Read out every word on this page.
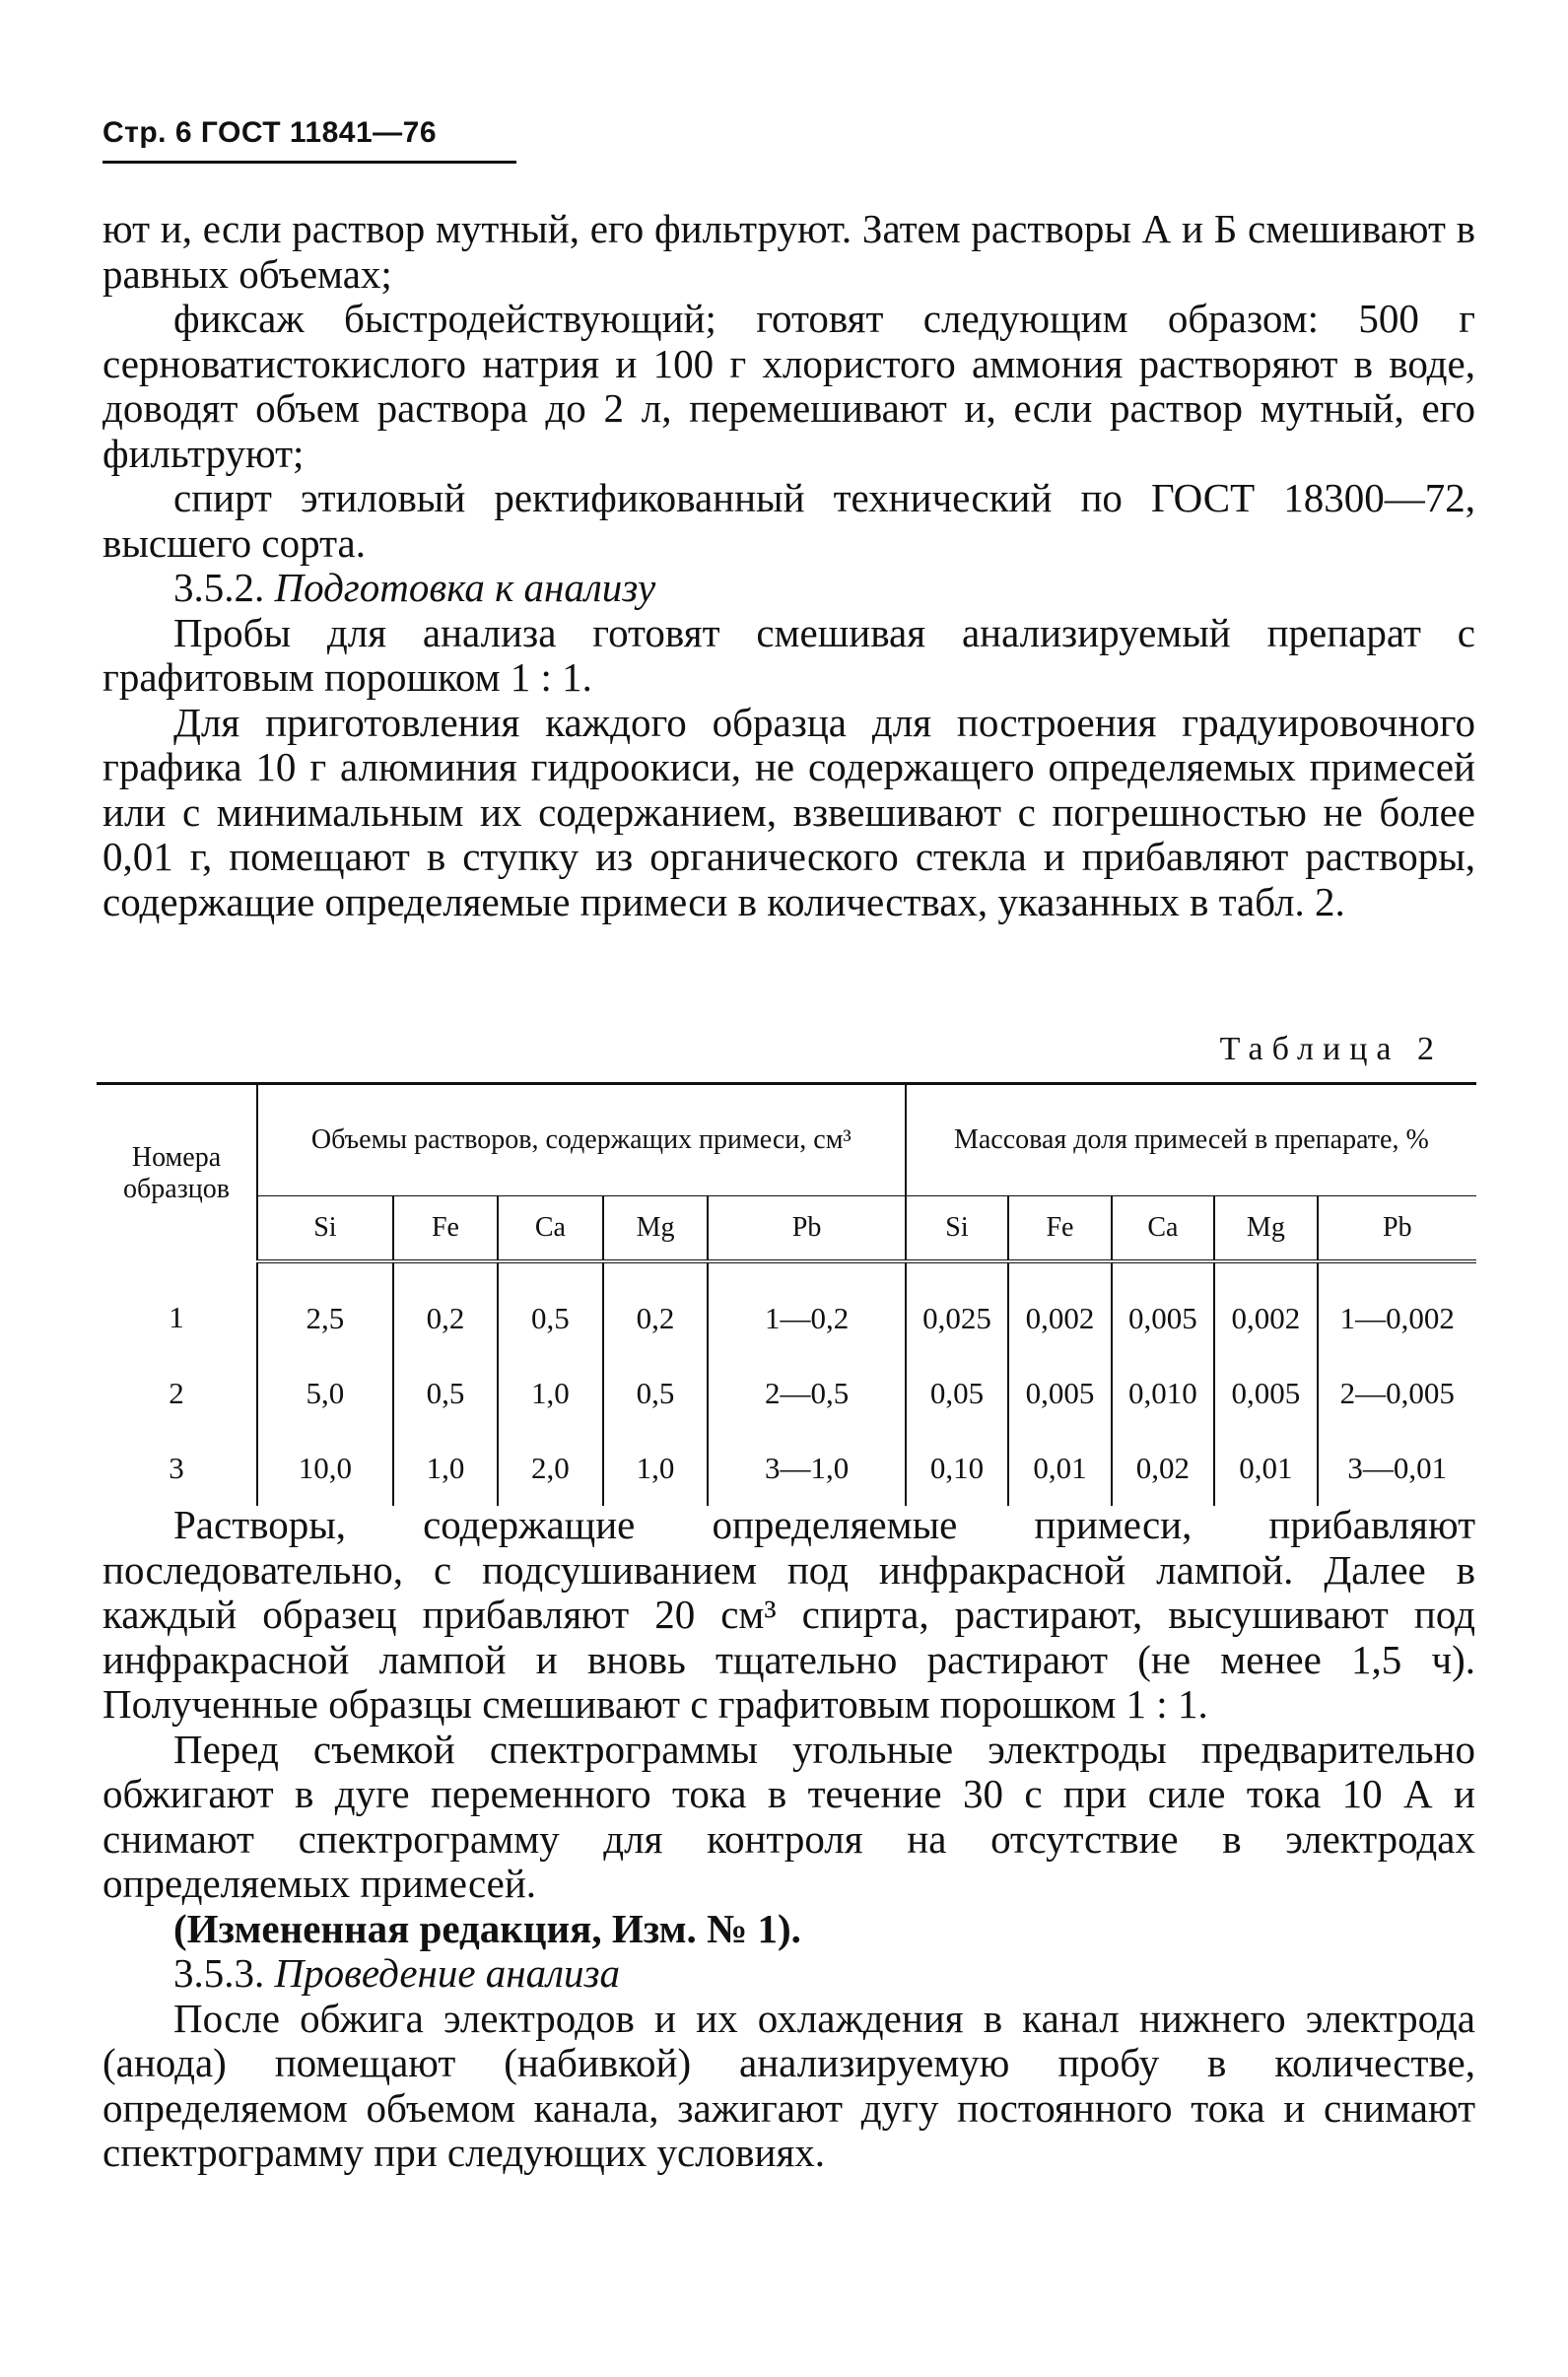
Стр. 6 ГОСТ 11841—76

ют и, если раствор мутный, его фильтруют. Затем растворы А и Б смешивают в равных объемах;

фиксаж быстродействующий; готовят следующим образом: 500 г серноватистокислого натрия и 100 г хлористого аммония растворяют в воде, доводят объем раствора до 2 л, перемешивают и, если раствор мутный, его фильтруют;

спирт этиловый ректификованный технический по ГОСТ 18300—72, высшего сорта.

3.5.2. Подготовка к анализу

Пробы для анализа готовят смешивая анализируемый препарат с графитовым порошком 1 : 1.

Для приготовления каждого образца для построения градуировочного графика 10 г алюминия гидроокиси, не содержащего определяемых примесей или с минимальным их содержанием, взвешивают с погрешностью не более 0,01 г, помещают в ступку из органического стекла и прибавляют растворы, содержащие определяемые примеси в количествах, указанных в табл. 2.

Таблица 2
Номера образцов	Объемы растворов, содержащих примеси, см³					Массовая доля примесей в препарате, %				
	Si	Fe	Ca	Mg	Pb	Si	Fe	Ca	Mg	Pb
1	2,5	0,2	0,5	0,2	1—0,2	0,025	0,002	0,005	0,002	1—0,002
2	5,0	0,5	1,0	0,5	2—0,5	0,05	0,005	0,010	0,005	2—0,005
3	10,0	1,0	2,0	1,0	3—1,0	0,10	0,01	0,02	0,01	3—0,01

Растворы, содержащие определяемые примеси, прибавляют последовательно, с подсушиванием под инфракрасной лампой. Далее в каждый образец прибавляют 20 см³ спирта, растирают, высушивают под инфракрасной лампой и вновь тщательно растирают (не менее 1,5 ч). Полученные образцы смешивают с графитовым порошком 1 : 1.

Перед съемкой спектрограммы угольные электроды предварительно обжигают в дуге переменного тока в течение 30 с при силе тока 10 А и снимают спектрограмму для контроля на отсутствие в электродах определяемых примесей.

(Измененная редакция, Изм. № 1).

3.5.3. Проведение анализа

После обжига электродов и их охлаждения в канал нижнего электрода (анода) помещают (набивкой) анализируемую пробу в количестве, определяемом объемом канала, зажигают дугу постоянного тока и снимают спектрограмму при следующих условиях.
